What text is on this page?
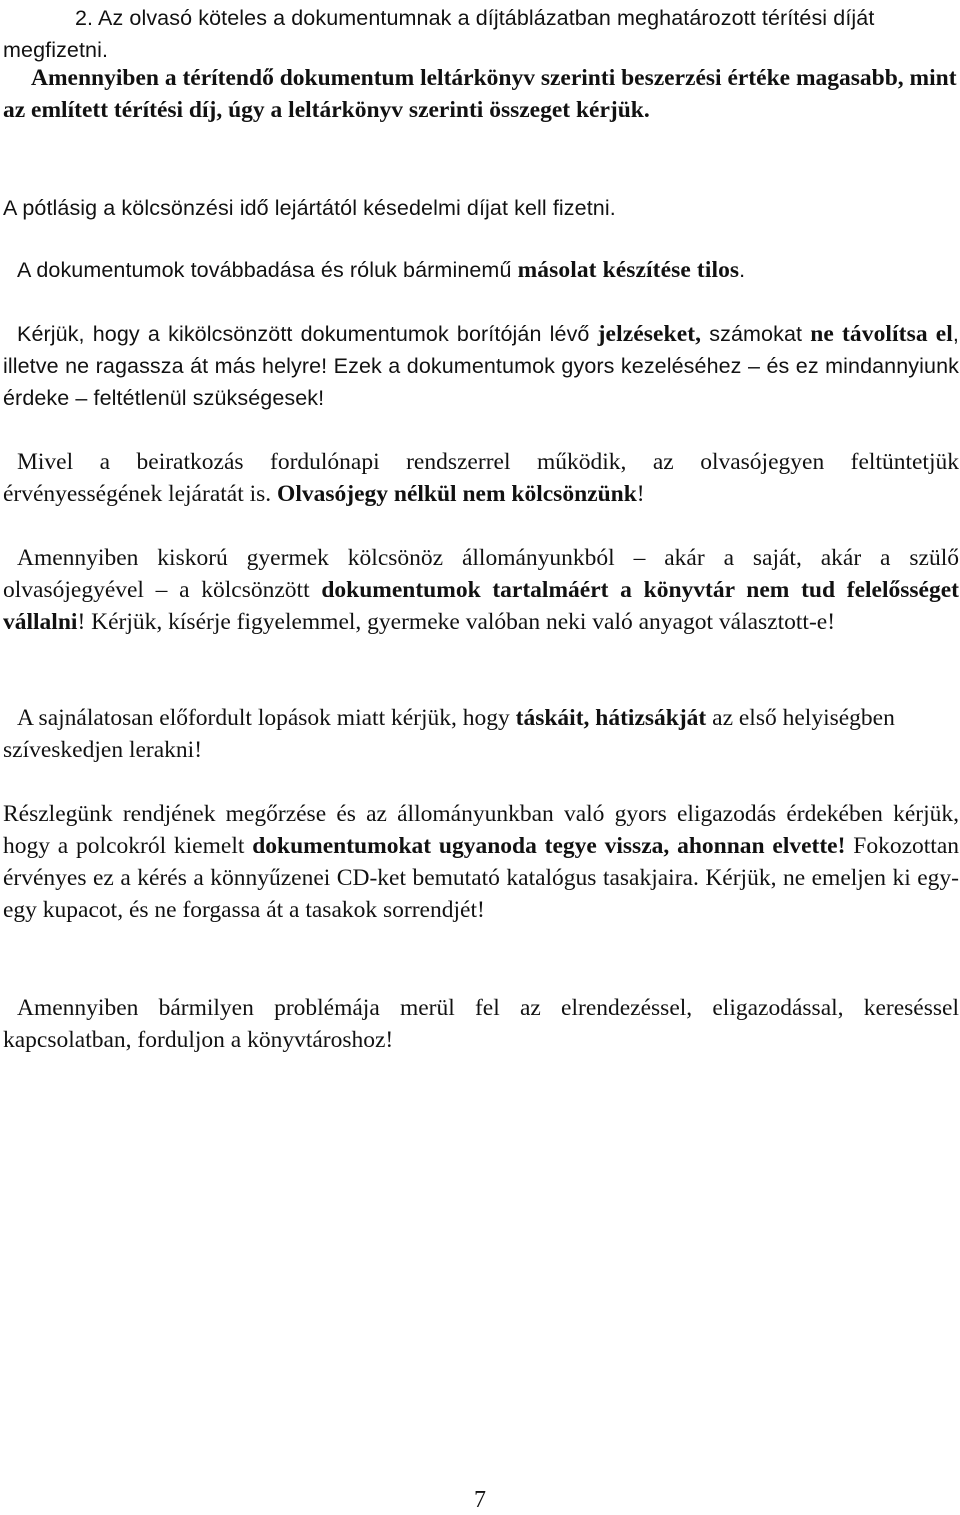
2. Az olvasó köteles a dokumentumnak a díjtáblázatban meghatározott térítési díját megfizetni.

Amennyiben a térítendő dokumentum leltárkönyv szerinti beszerzési értéke magasabb, mint az említett térítési díj, úgy a leltárkönyv szerinti összeget kérjük.

A pótlásig a kölcsönzési idő lejártától késedelmi díjat kell fizetni.

A dokumentumok továbbadása és róluk bárminemű másolat készítése tilos.

Kérjük, hogy a kikölcsönzött dokumentumok borítóján lévő jelzéseket, számokat ne távolítsa el, illetve ne ragassza át más helyre! Ezek a dokumentumok gyors kezeléséhez – és ez mindannyiunk érdeke – feltétlenül szükségesek!

Mivel a beiratkozás fordulónapi rendszerrel működik, az olvasójegyen feltüntetjük érvényességének lejáratát is. Olvasójegy nélkül nem kölcsönzünk!

Amennyiben kiskorú gyermek kölcsönöz állományunkból – akár a saját, akár a szülő olvasójegyével – a kölcsönzött dokumentumok tartalmáért a könyvtár nem tud felelősséget vállalni! Kérjük, kísérje figyelemmel, gyermeke valóban neki való anyagot választott-e!

A sajnálatosan előfordult lopások miatt kérjük, hogy táskáit, hátizsákját az első helyiségben szíveskedjen lerakni!

Részlegünk rendjének megőrzése és az állományunkban való gyors eligazodás érdekében kérjük, hogy a polcokról kiemelt dokumentumokat ugyanoda tegye vissza, ahonnan elvette! Fokozottan érvényes ez a kérés a könnyűzenei CD-ket bemutató katalógus tasakjaira. Kérjük, ne emeljen ki egy-egy kupacot, és ne forgassa át a tasakok sorrendjét!

Amennyiben bármilyen problémája merül fel az elrendezéssel, eligazodással, kereséssel kapcsolatban, forduljon a könyvtároshoz!

7
